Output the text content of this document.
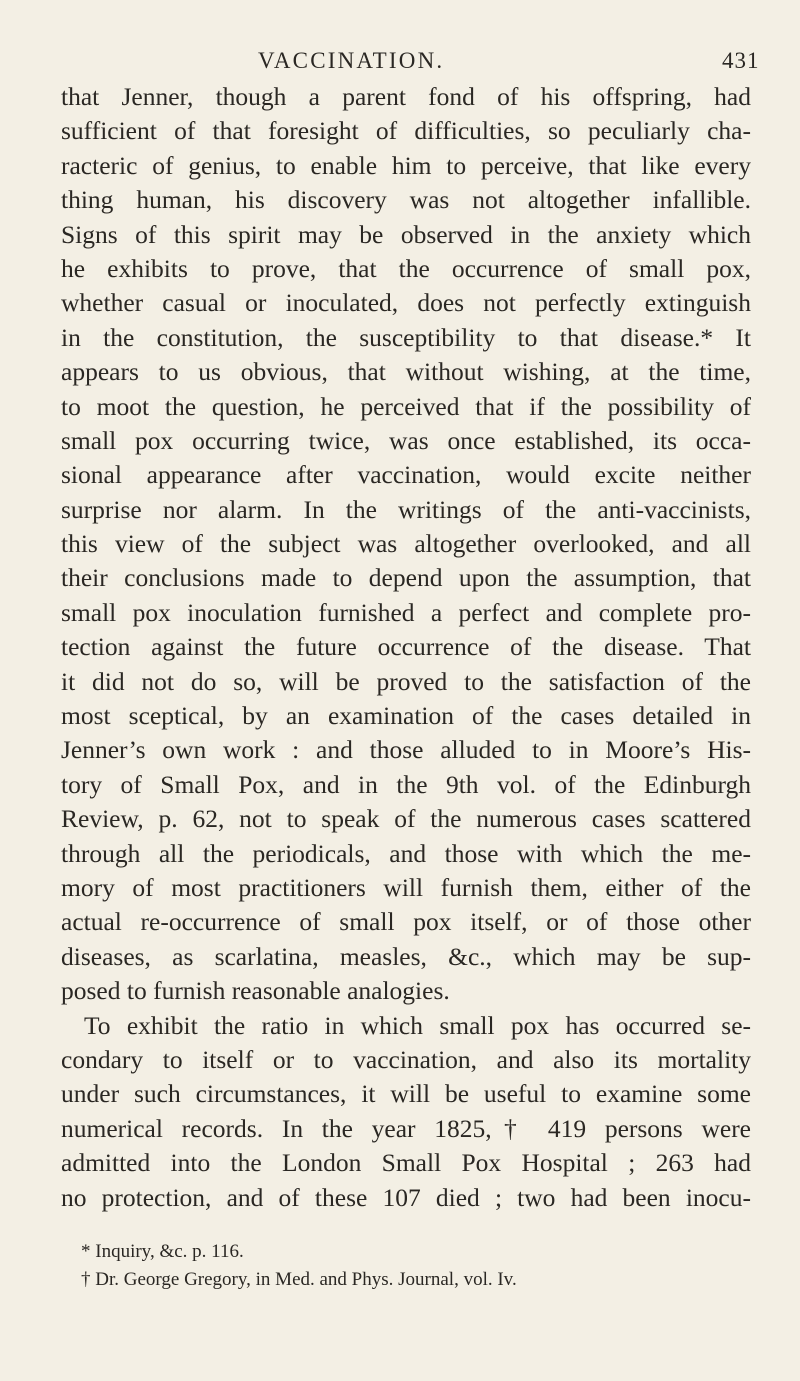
VACCINATION.	431
that Jenner, though a parent fond of his offspring, had
sufficient of that foresight of difficulties, so peculiarly cha-
racteric of genius, to enable him to perceive, that like every
thing human, his discovery was not altogether infallible.
Signs of this spirit may be observed in the anxiety which
he exhibits to prove, that the occurrence of small pox,
whether casual or inoculated, does not perfectly extinguish
in the constitution, the susceptibility to that disease.* It
appears to us obvious, that without wishing, at the time,
to moot the question, he perceived that if the possibility of
small pox occurring twice, was once established, its occa-
sional appearance after vaccination, would excite neither
surprise nor alarm. In the writings of the anti-vaccinists,
this view of the subject was altogether overlooked, and all
their conclusions made to depend upon the assumption, that
small pox inoculation furnished a perfect and complete pro-
tection against the future occurrence of the disease. That
it did not do so, will be proved to the satisfaction of the
most sceptical, by an examination of the cases detailed in
Jenner’s own work : and those alluded to in Moore’s His-
tory of Small Pox, and in the 9th vol. of the Edinburgh
Review, p. 62, not to speak of the numerous cases scattered
through all the periodicals, and those with which the me-
mory of most practitioners will furnish them, either of the
actual re-occurrence of small pox itself, or of those other
diseases, as scarlatina, measles, &c., which may be sup-
posed to furnish reasonable analogies.
To exhibit the ratio in which small pox has occurred se-
condary to itself or to vaccination, and also its mortality
under such circumstances, it will be useful to examine some
numerical records. In the year 1825,† 419 persons were
admitted into the London Small Pox Hospital ; 263 had
no protection, and of these 107 died ; two had been inocu-
* Inquiry, &c. p. 116.
† Dr. George Gregory, in Med. and Phys. Journal, vol. Iv.
